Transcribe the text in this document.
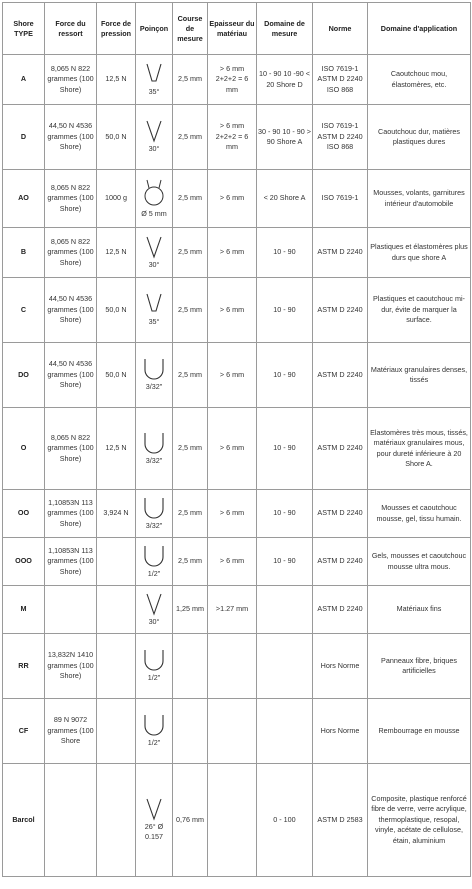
Shore TYPE	Force du ressort	Force de pression	Poinçon	Course de mesure	Epaisseur du matériau	Domaine de mesure	Norme	Domaine d'application
A	8,065 N 822 grammes (100 Shore)	12,5 N	35°	2,5 mm	> 6 mm 2+2+2 = 6 mm	10 - 90 10 -90 < 20 Shore D	ISO 7619-1 ASTM D 2240 ISO 868	Caoutchouc mou, élastomères, etc.
D	44,50 N 4536 grammes (100 Shore)	50,0 N	30°	2,5 mm	> 6 mm 2+2+2 = 6 mm	30 - 90 10 - 90 > 90 Shore A	ISO 7619-1 ASTM D 2240 ISO 868	Caoutchouc dur, matières plastiques dures
AO	8,065 N 822 grammes (100 Shore)	1000 g	Ø 5 mm	2,5 mm	> 6 mm	< 20 Shore A	ISO 7619-1	Mousses, volants, garnitures intérieur d'automobile
B	8,065 N 822 grammes (100 Shore)	12,5 N	30°	2,5 mm	> 6 mm	10 - 90	ASTM D 2240	Plastiques et élastomères plus durs que shore A
C	44,50 N 4536 grammes (100 Shore)	50,0 N	35°	2,5 mm	> 6 mm	10 - 90	ASTM D 2240	Plastiques et caoutchouc mi-dur, évite de marquer la surface.
DO	44,50 N 4536 grammes (100 Shore)	50,0 N	3/32"	2,5 mm	> 6 mm	10 - 90	ASTM D 2240	Matériaux granulaires denses, tissés
O	8,065 N 822 grammes (100 Shore)	12,5 N	3/32"	2,5 mm	> 6 mm	10 - 90	ASTM D 2240	Elastomères très mous, tissés, matériaux granulaires mous, pour dureté inférieure à 20 Shore A.
OO	1,10853N 113 grammes (100 Shore)	3,924 N	3/32"	2,5 mm	> 6 mm	10 - 90	ASTM D 2240	Mousses et caoutchouc mousse, gel, tissu humain.
OOO	1,10853N 113 grammes (100 Shore)		1/2"	2,5 mm	> 6 mm	10 - 90	ASTM D 2240	Gels, mousses et caoutchouc mousse ultra mous.
M			30°	1,25 mm	>1.27 mm		ASTM D 2240	Matériaux fins
RR	13,832N 1410 grammes (100 Shore)		1/2"				Hors Norme	Panneaux fibre, briques artificielles
CF	89 N 9072 grammes (100 Shore		1/2"				Hors Norme	Rembourrage en mousse
Barcol			26° Ø 0.157	0,76 mm		0 - 100	ASTM D 2583	Composite, plastique renforcé fibre de verre, verre acrylique, thermoplastique, resopal, vinyle, acétate de cellulose, étain, aluminium
